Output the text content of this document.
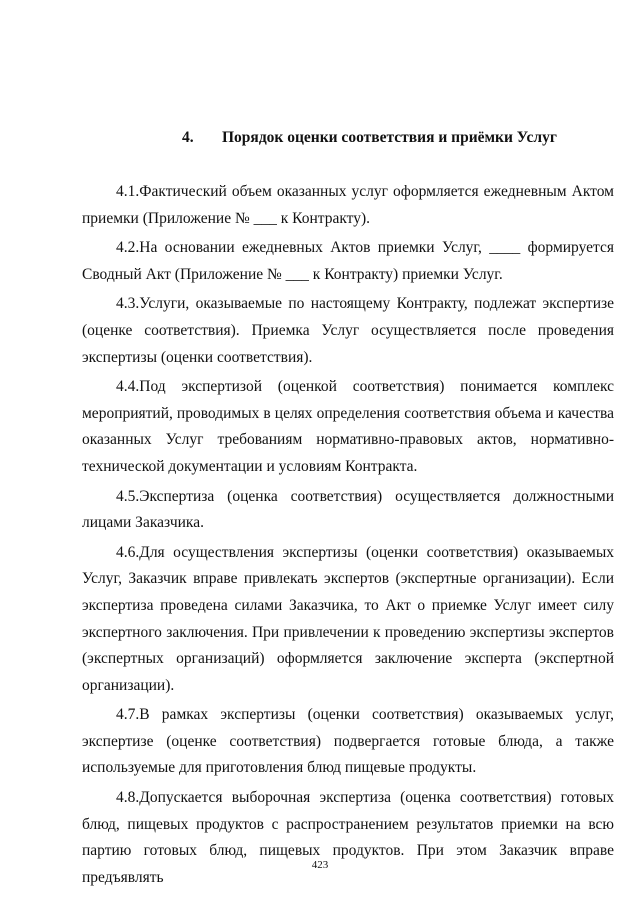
4. Порядок оценки соответствия и приёмки Услуг

4.1.Фактический объем оказанных услуг оформляется ежедневным Актом приемки (Приложение № ___ к Контракту).

4.2.На основании ежедневных Актов приемки Услуг, ____ формируется Сводный Акт (Приложение № ___ к Контракту) приемки Услуг.

4.3.Услуги, оказываемые по настоящему Контракту, подлежат экспертизе (оценке соответствия). Приемка Услуг осуществляется после проведения экспертизы (оценки соответствия).

4.4.Под экспертизой (оценкой соответствия) понимается комплекс мероприятий, проводимых в целях определения соответствия объема и качества оказанных Услуг требованиям нормативно-правовых актов, нормативно-технической документации и условиям Контракта.

4.5.Экспертиза (оценка соответствия) осуществляется должностными лицами Заказчика.

4.6.Для осуществления экспертизы (оценки соответствия) оказываемых Услуг, Заказчик вправе привлекать экспертов (экспертные организации). Если экспертиза проведена силами Заказчика, то Акт о приемке Услуг имеет силу экспертного заключения. При привлечении к проведению экспертизы экспертов (экспертных организаций) оформляется заключение эксперта (экспертной организации).

4.7.В рамках экспертизы (оценки соответствия) оказываемых услуг, экспертизе (оценке соответствия) подвергается готовые блюда, а также используемые для приготовления блюд пищевые продукты.

4.8.Допускается выборочная экспертиза (оценка соответствия) готовых блюд, пищевых продуктов с распространением результатов приемки на всю партию готовых блюд, пищевых продуктов. При этом Заказчик вправе предъявлять

423
